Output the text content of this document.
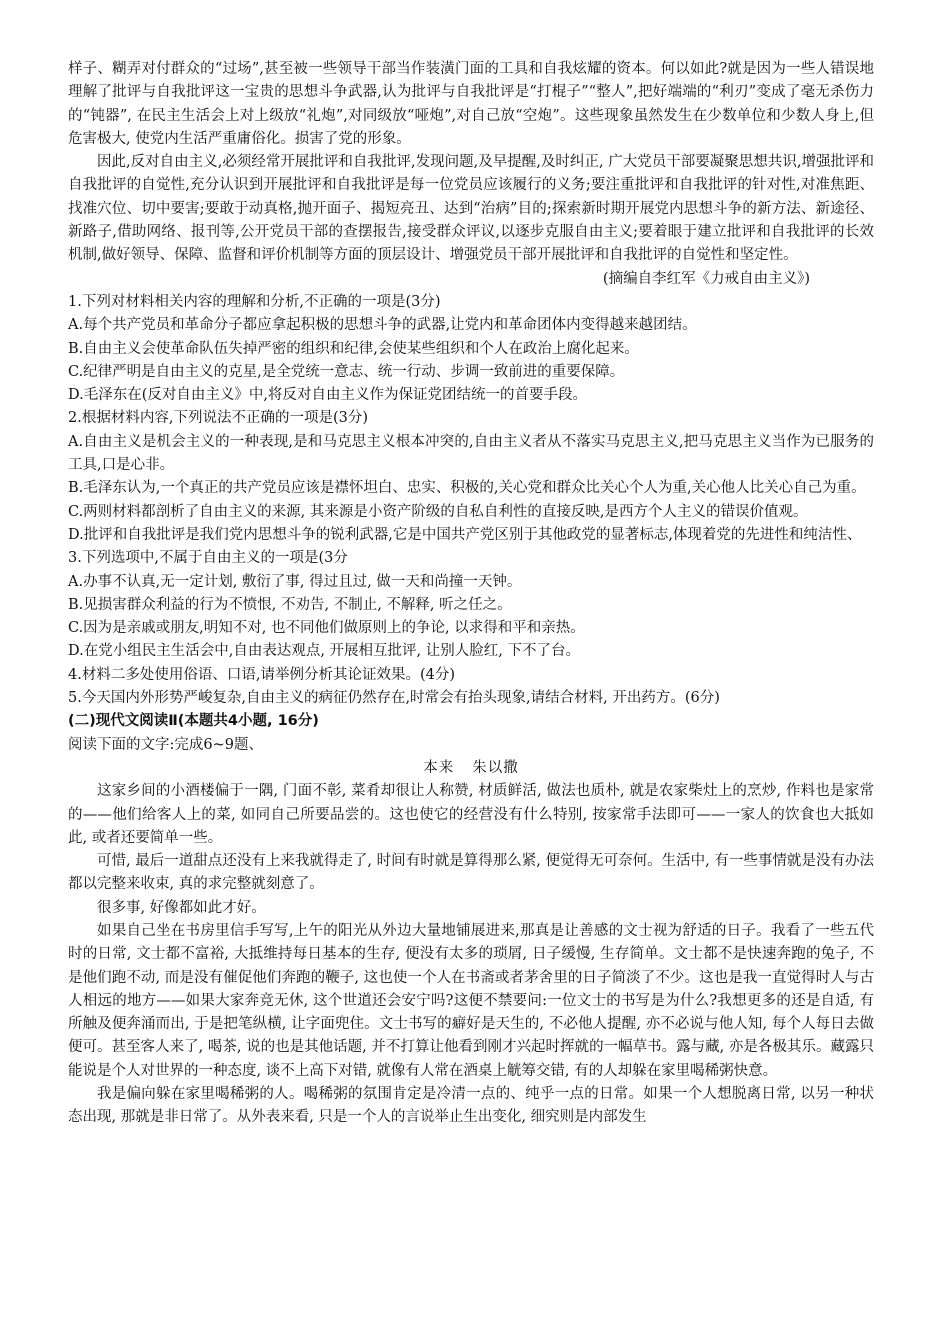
样子、糊弄对付群众的“过场”,甚至被一些领导干部当作装潢门面的工具和自我炫耀的资本。何以如此?就是因为一些人错误地理解了批评与自我批评这一宝贵的思想斗争武器,认为批评与自我批评是“打棍子”“整人”,把好端端的“利刃”变成了毫无杀伤力的“钝器”, 在民主生活会上对上级放“礼炮”,对同级放“哑炮”,对自己放“空炮”。这些现象虽然发生在少数单位和少数人身上,但危害极大, 使党内生活严重庸俗化。损害了党的形象。

因此,反对自由主义,必须经常开展批评和自我批评,发现问题,及早提醒,及时纠正, 广大党员干部要凝聚思想共识,增强批评和自我批评的自觉性,充分认识到开展批评和自我批评是每一位党员应该履行的义务;要注重批评和自我批评的针对性,对准焦距、找准穴位、切中要害;要敢于动真格,抛开面子、揭短亮丑、达到“治病”目的;探索新时期开展党内思想斗争的新方法、新途径、新路子,借助网络、报刊等,公开党员干部的查摆报告,接受群众评议,以逐步克服自由主义;要着眼于建立批评和自我批评的长效机制,做好领导、保障、监督和评价机制等方面的顶层设计、增强党员干部开展批评和自我批评的自觉性和坚定性。

(摘编自李红军《力戒自由主义》)

1.下列对材料相关内容的理解和分析,不正确的一项是(3分)

A.每个共产党员和革命分子都应拿起积极的思想斗争的武器,让党内和革命团体内变得越来越团结。

B.自由主义会使革命队伍失掉严密的组织和纪律,会使某些组织和个人在政治上腐化起来。

C.纪律严明是自由主义的克星,是全党统一意志、统一行动、步调一致前进的重要保障。

D.毛泽东在(反对自由主义》中,将反对自由主义作为保证党团结统一的首要手段。

2.根据材料内容,下列说法不正确的一项是(3分)

A.自由主义是机会主义的一种表现,是和马克思主义根本冲突的,自由主义者从不落实马克思主义,把马克思主义当作为已服务的工具,口是心非。

B.毛泽东认为,一个真正的共产党员应该是襟怀坦白、忠实、积极的,关心党和群众比关心个人为重,关心他人比关心自己为重。

C.两则材料都剖析了自由主义的来源, 其来源是小资产阶级的自私自利性的直接反映,是西方个人主义的错误价值观。

D.批评和自我批评是我们党内思想斗争的锐利武器,它是中国共产党区别于其他政党的显著标志,体现着党的先进性和纯洁性、

3.下列选项中,不属于自由主义的一项是(3分

A.办事不认真,无一定计划, 敷衍了事, 得过且过, 做一天和尚撞一天钟。

B.见损害群众利益的行为不愤恨, 不劝告, 不制止, 不解释, 听之任之。

C.因为是亲戚或朋友,明知不对, 也不同他们做原则上的争论, 以求得和平和亲热。

D.在党小组民主生活会中,自由表达观点, 开展相互批评, 让别人脸红, 下不了台。

4.材料二多处使用俗语、口语,请举例分析其论证效果。(4分)

5.今天国内外形势严峻复杂,自由主义的病征仍然存在,时常会有抬头现象,请结合材料, 开出药方。(6分)

(二)现代文阅读Ⅱ(本题共4小题, 16分)

阅读下面的文字:完成6~9题、

本来 朱以撒

这家乡间的小酒楼偏于一隅, 门面不彰, 菜肴却很让人称赞, 材质鲜活, 做法也质朴, 就是农家柴灶上的烹炒, 作料也是家常的——他们给客人上的菜, 如同自己所要品尝的。这也使它的经营没有什么特别, 按家常手法即可——一家人的饮食也大抵如此, 或者还要简单一些。

可惜, 最后一道甜点还没有上来我就得走了, 时间有时就是算得那么紧, 便觉得无可奈何。生活中, 有一些事情就是没有办法都以完整来收束, 真的求完整就刻意了。

很多事, 好像都如此才好。

如果自己坐在书房里信手写写,上午的阳光从外边大量地铺展进来,那真是让善感的文士视为舒适的日子。我看了一些五代时的日常, 文士都不富裕, 大抵维持每日基本的生存, 便没有太多的琐屑, 日子缓慢, 生存简单。文士都不是快速奔跑的兔子, 不是他们跑不动, 而是没有催促他们奔跑的鞭子, 这也使一个人在书斋或者茅舍里的日子简淡了不少。这也是我一直觉得时人与古人相远的地方——如果大家奔竞无休, 这个世道还会安宁吗?这便不禁要问:一位文士的书写是为什么?我想更多的还是自适, 有所触及便奔涌而出, 于是把笔纵横, 让字面兜住。文士书写的癖好是天生的, 不必他人提醒, 亦不必说与他人知, 每个人每日去做便可。甚至客人来了, 喝茶, 说的也是其他话题, 并不打算让他看到刚才兴起时挥就的一幅草书。露与藏, 亦是各极其乐。藏露只能说是个人对世界的一种态度, 谈不上高下对错, 就像有人常在酒桌上觥筹交错, 有的人却躲在家里喝稀粥快意。

我是偏向躲在家里喝稀粥的人。喝稀粥的氛围肯定是冷清一点的、纯乎一点的日常。如果一个人想脱离日常, 以另一种状态出现, 那就是非日常了。从外表来看, 只是一个人的言说举止生出变化, 细究则是内部发生
